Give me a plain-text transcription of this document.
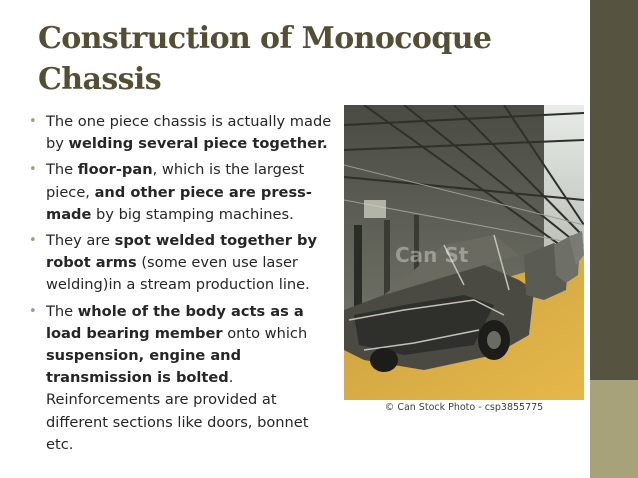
Construction of Monocoque
Chassis
• The one piece chassis is actually made by welding several piece together.
• The floor-pan, which is the largest piece, and other piece are press-made by big stamping machines.
• They are spot welded together by robot arms (some even use laser welding)in a stream production line.
• The whole of the body acts as a load bearing member onto which suspension, engine and transmission is bolted. Reinforcements are provided at different sections like doors, bonnet etc.
Can St
© Can Stock Photo - csp3855775
